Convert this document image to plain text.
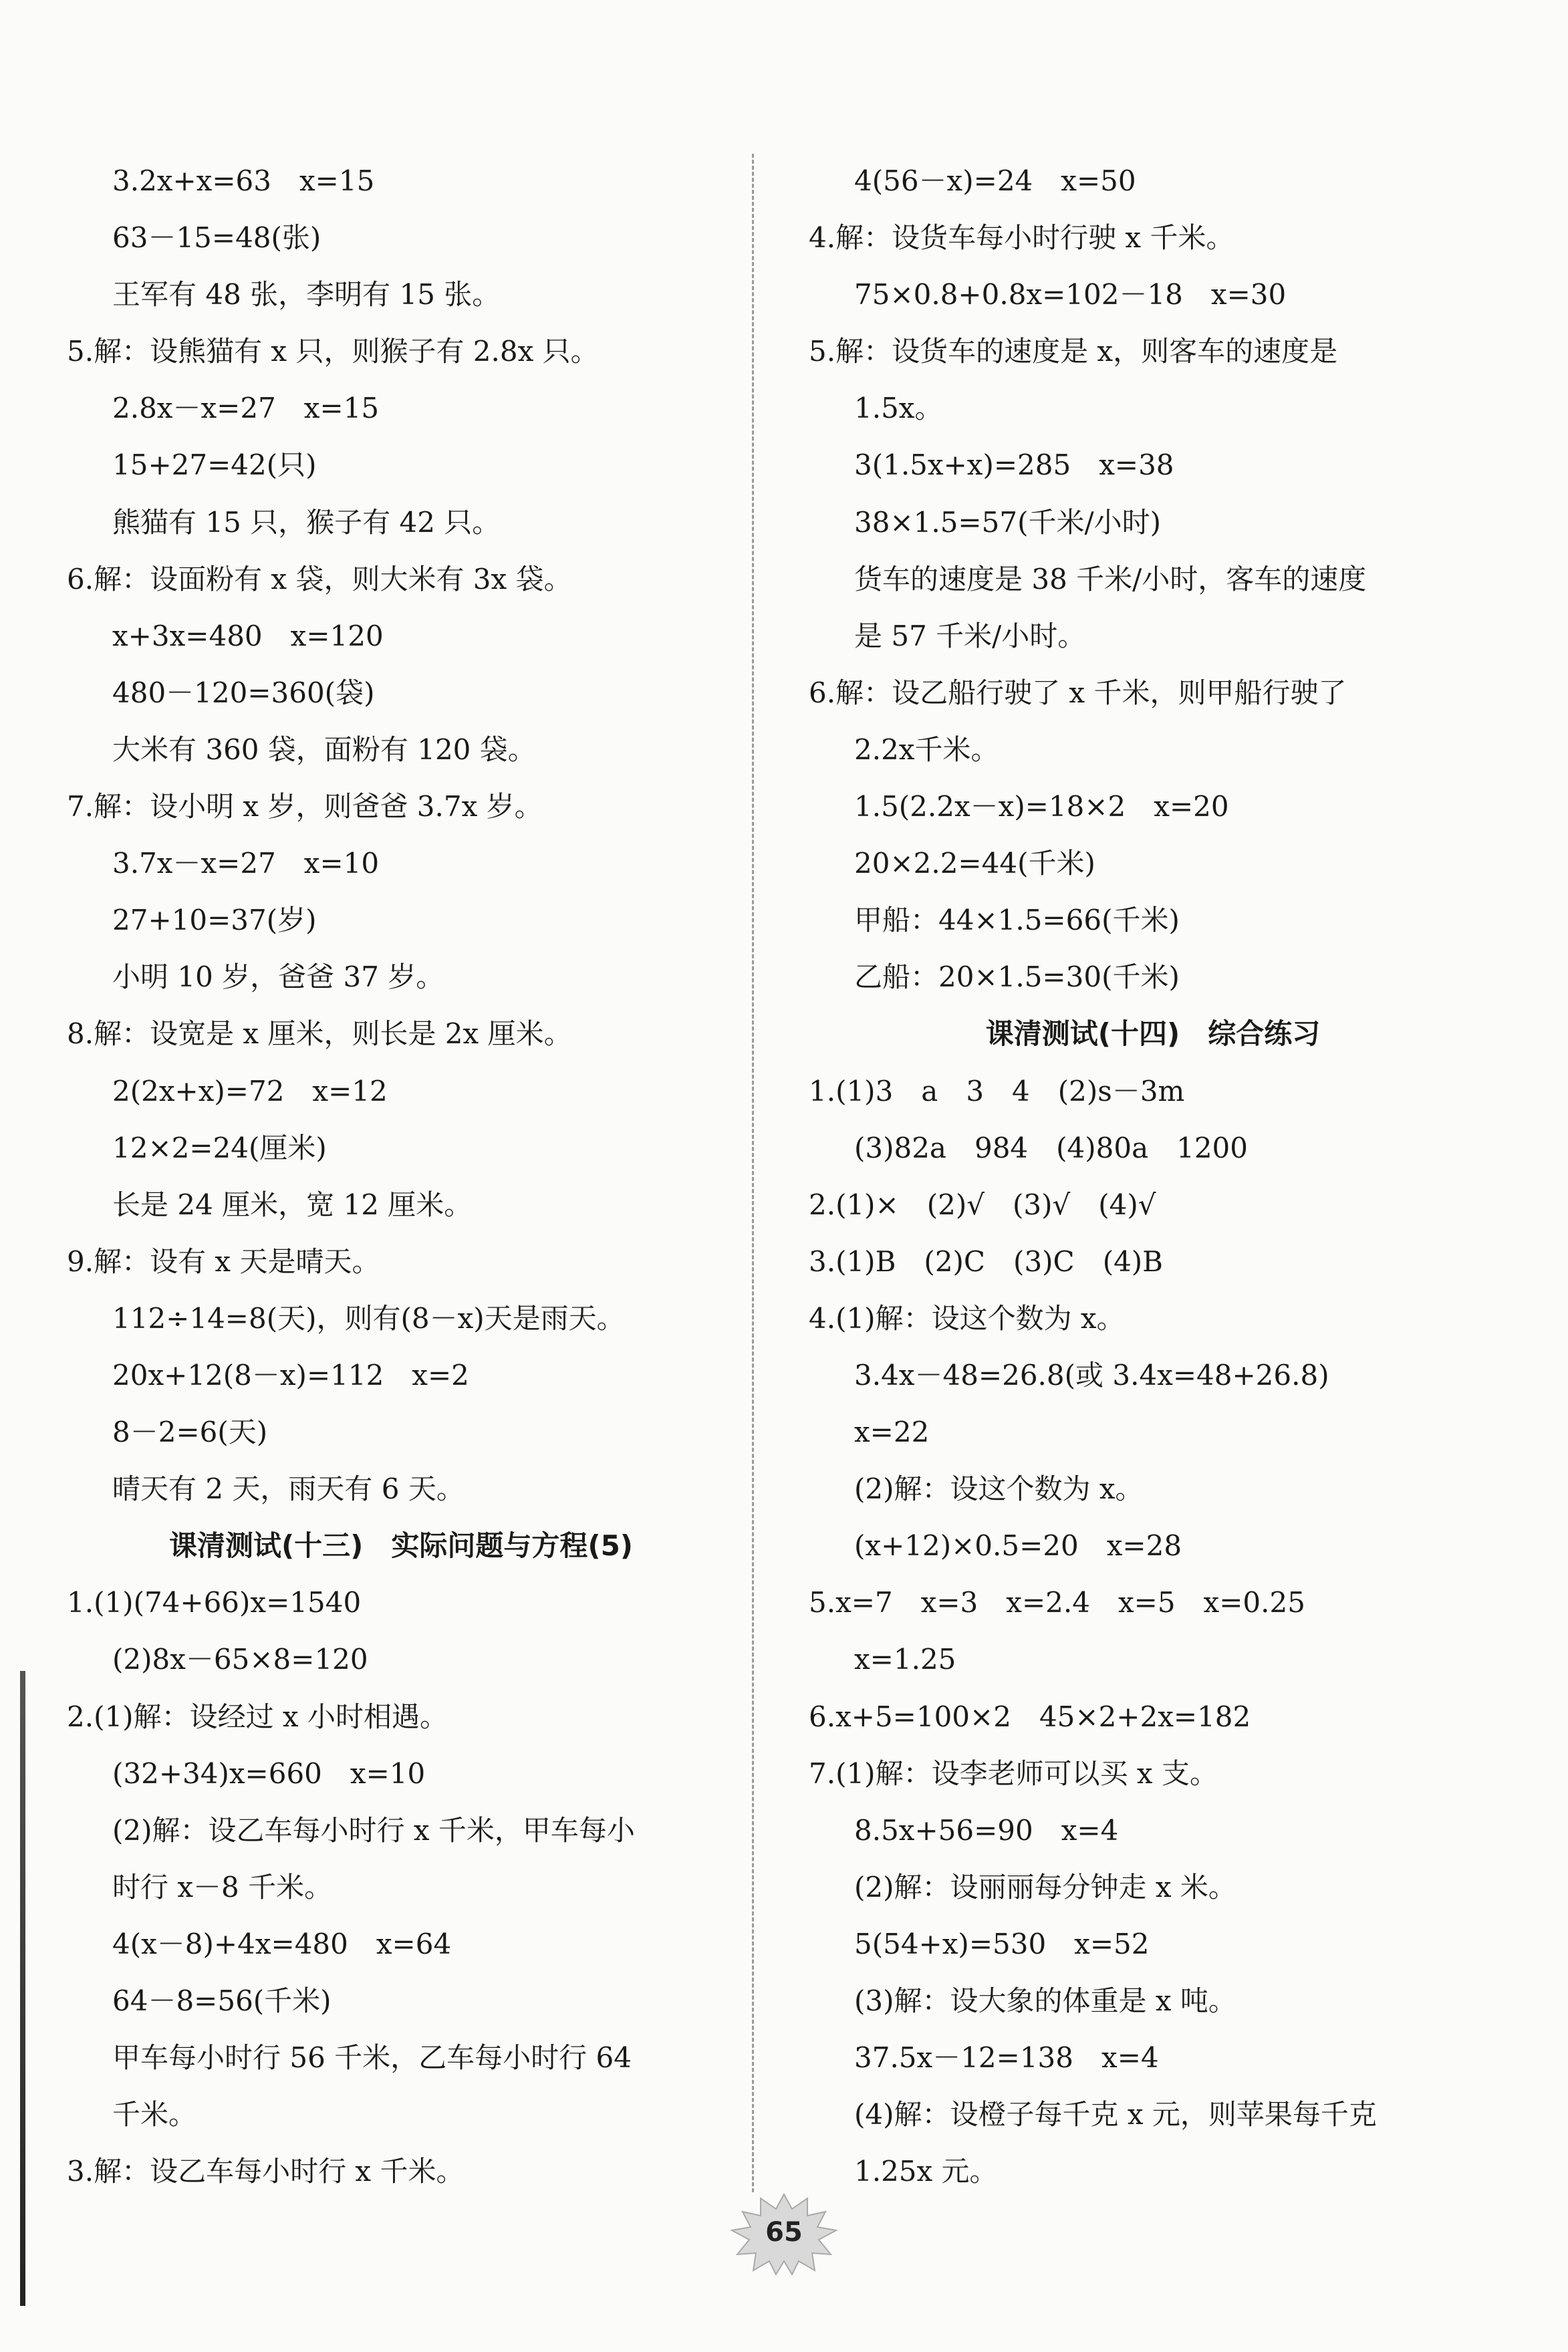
3.2x+x=63　x=15
63－15=48(张)
王军有 48 张，李明有 15 张。
5.解：设熊猫有 x 只，则猴子有 2.8x 只。
2.8x－x=27　x=15
15+27=42(只)
熊猫有 15 只，猴子有 42 只。
6.解：设面粉有 x 袋，则大米有 3x 袋。
x+3x=480　x=120
480－120=360(袋)
大米有 360 袋，面粉有 120 袋。
7.解：设小明 x 岁，则爸爸 3.7x 岁。
3.7x－x=27　x=10
27+10=37(岁)
小明 10 岁，爸爸 37 岁。
8.解：设宽是 x 厘米，则长是 2x 厘米。
2(2x+x)=72　x=12
12×2=24(厘米)
长是 24 厘米，宽 12 厘米。
9.解：设有 x 天是晴天。
112÷14=8(天)，则有(8－x)天是雨天。
20x+12(8－x)=112　x=2
8－2=6(天)
晴天有 2 天，雨天有 6 天。
课清测试(十三)　实际问题与方程(5)
1.(1)(74+66)x=1540
(2)8x－65×8=120
2.(1)解：设经过 x 小时相遇。
(32+34)x=660　x=10
(2)解：设乙车每小时行 x 千米，甲车每小
时行 x－8 千米。
4(x－8)+4x=480　x=64
64－8=56(千米)
甲车每小时行 56 千米，乙车每小时行 64
千米。
3.解：设乙车每小时行 x 千米。
4(56－x)=24　x=50
4.解：设货车每小时行驶 x 千米。
75×0.8+0.8x=102－18　x=30
5.解：设货车的速度是 x，则客车的速度是
1.5x。
3(1.5x+x)=285　x=38
38×1.5=57(千米/小时)
货车的速度是 38 千米/小时，客车的速度
是 57 千米/小时。
6.解：设乙船行驶了 x 千米，则甲船行驶了
2.2x千米。
1.5(2.2x－x)=18×2　x=20
20×2.2=44(千米)
甲船：44×1.5=66(千米)
乙船：20×1.5=30(千米)
课清测试(十四)　综合练习
1.(1)3　a　3　4　(2)s－3m
(3)82a　984　(4)80a　1200
2.(1)×　(2)√　(3)√　(4)√
3.(1)B　(2)C　(3)C　(4)B
4.(1)解：设这个数为 x。
3.4x－48=26.8(或 3.4x=48+26.8)
x=22
(2)解：设这个数为 x。
(x+12)×0.5=20　x=28
5.x=7　x=3　x=2.4　x=5　x=0.25
x=1.25
6.x+5=100×2　45×2+2x=182
7.(1)解：设李老师可以买 x 支。
8.5x+56=90　x=4
(2)解：设丽丽每分钟走 x 米。
5(54+x)=530　x=52
(3)解：设大象的体重是 x 吨。
37.5x－12=138　x=4
(4)解：设橙子每千克 x 元，则苹果每千克
1.25x 元。
65
